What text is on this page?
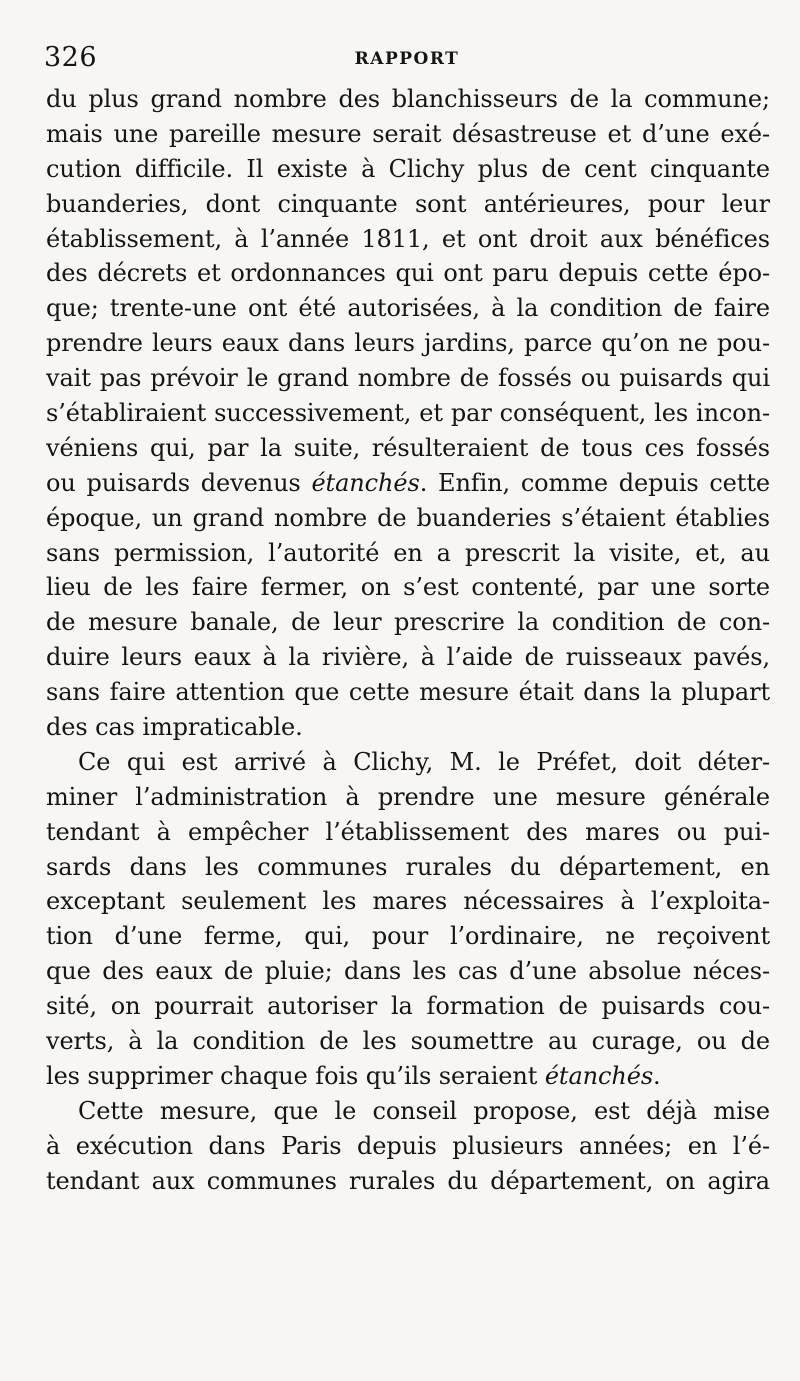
326	RAPPORT
du plus grand nombre des blanchisseurs de la commune;
mais une pareille mesure serait désastreuse et d’une exé-
cution difficile. Il existe à Clichy plus de cent cinquante
buanderies, dont cinquante sont antérieures, pour leur
établissement, à l’année 1811, et ont droit aux bénéfices
des décrets et ordonnances qui ont paru depuis cette épo-
que; trente-une ont été autorisées, à la condition de faire
prendre leurs eaux dans leurs jardins, parce qu’on ne pou-
vait pas prévoir le grand nombre de fossés ou puisards qui
s’établiraient successivement, et par conséquent, les incon-
véniens qui, par la suite, résulteraient de tous ces fossés
ou puisards devenus étanchés. Enfin, comme depuis cette
époque, un grand nombre de buanderies s’étaient établies
sans permission, l’autorité en a prescrit la visite, et, au
lieu de les faire fermer, on s’est contenté, par une sorte
de mesure banale, de leur prescrire la condition de con-
duire leurs eaux à la rivière, à l’aide de ruisseaux pavés,
sans faire attention que cette mesure était dans la plupart
des cas impraticable.
Ce qui est arrivé à Clichy, M. le Préfet, doit déter-
miner l’administration à prendre une mesure générale
tendant à empêcher l’établissement des mares ou pui-
sards dans les communes rurales du département, en
exceptant seulement les mares nécessaires à l’exploita-
tion d’une ferme, qui, pour l’ordinaire, ne reçoivent
que des eaux de pluie; dans les cas d’une absolue néces-
sité, on pourrait autoriser la formation de puisards cou-
verts, à la condition de les soumettre au curage, ou de
les supprimer chaque fois qu’ils seraient étanchés.
Cette mesure, que le conseil propose, est déjà mise
à exécution dans Paris depuis plusieurs années; en l’é-
tendant aux communes rurales du département, on agira
